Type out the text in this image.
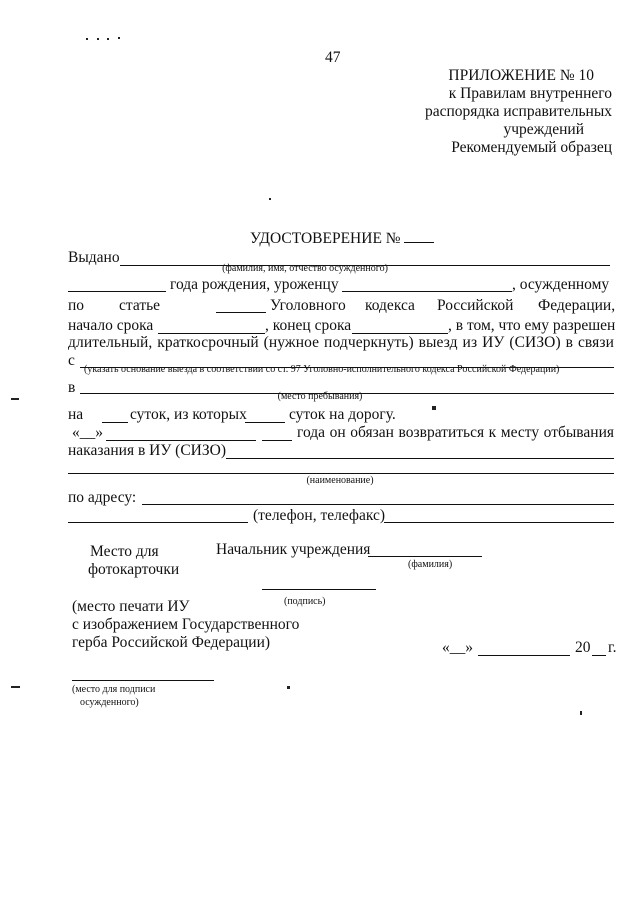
47
ПРИЛОЖЕНИЕ № 10
к Правилам внутреннего
распорядка исправительных
учреждений
Рекомендуемый образец
УДОСТОВЕРЕНИЕ №
Выдано
(фамилия, имя, отчество осужденного)
года рождения, уроженцу	, осужденному
по статье	Уголовного кодекса Российской Федерации,
начало срока	, конец срока	, в том, что ему разрешен
длительный, краткосрочный (нужное подчеркнуть) выезд из ИУ (СИЗО) в связи
с
(указать основание выезда в соответствии со ст. 97 Уголовно-исполнительного кодекса Российской Федерации)
в
(место пребывания)
на	суток, из которых	суток на дорогу.
«__»	года он обязан возвратиться к месту отбывания
наказания в ИУ (СИЗО)
(наименование)
по адресу:
(телефон, телефакс)
Место для
фотокарточки
Начальник учреждения
(фамилия)
(подпись)
(место печати ИУ
с изображением Государственного
герба Российской Федерации)	«__»	20 г.
(место для подписи
осужденного)
